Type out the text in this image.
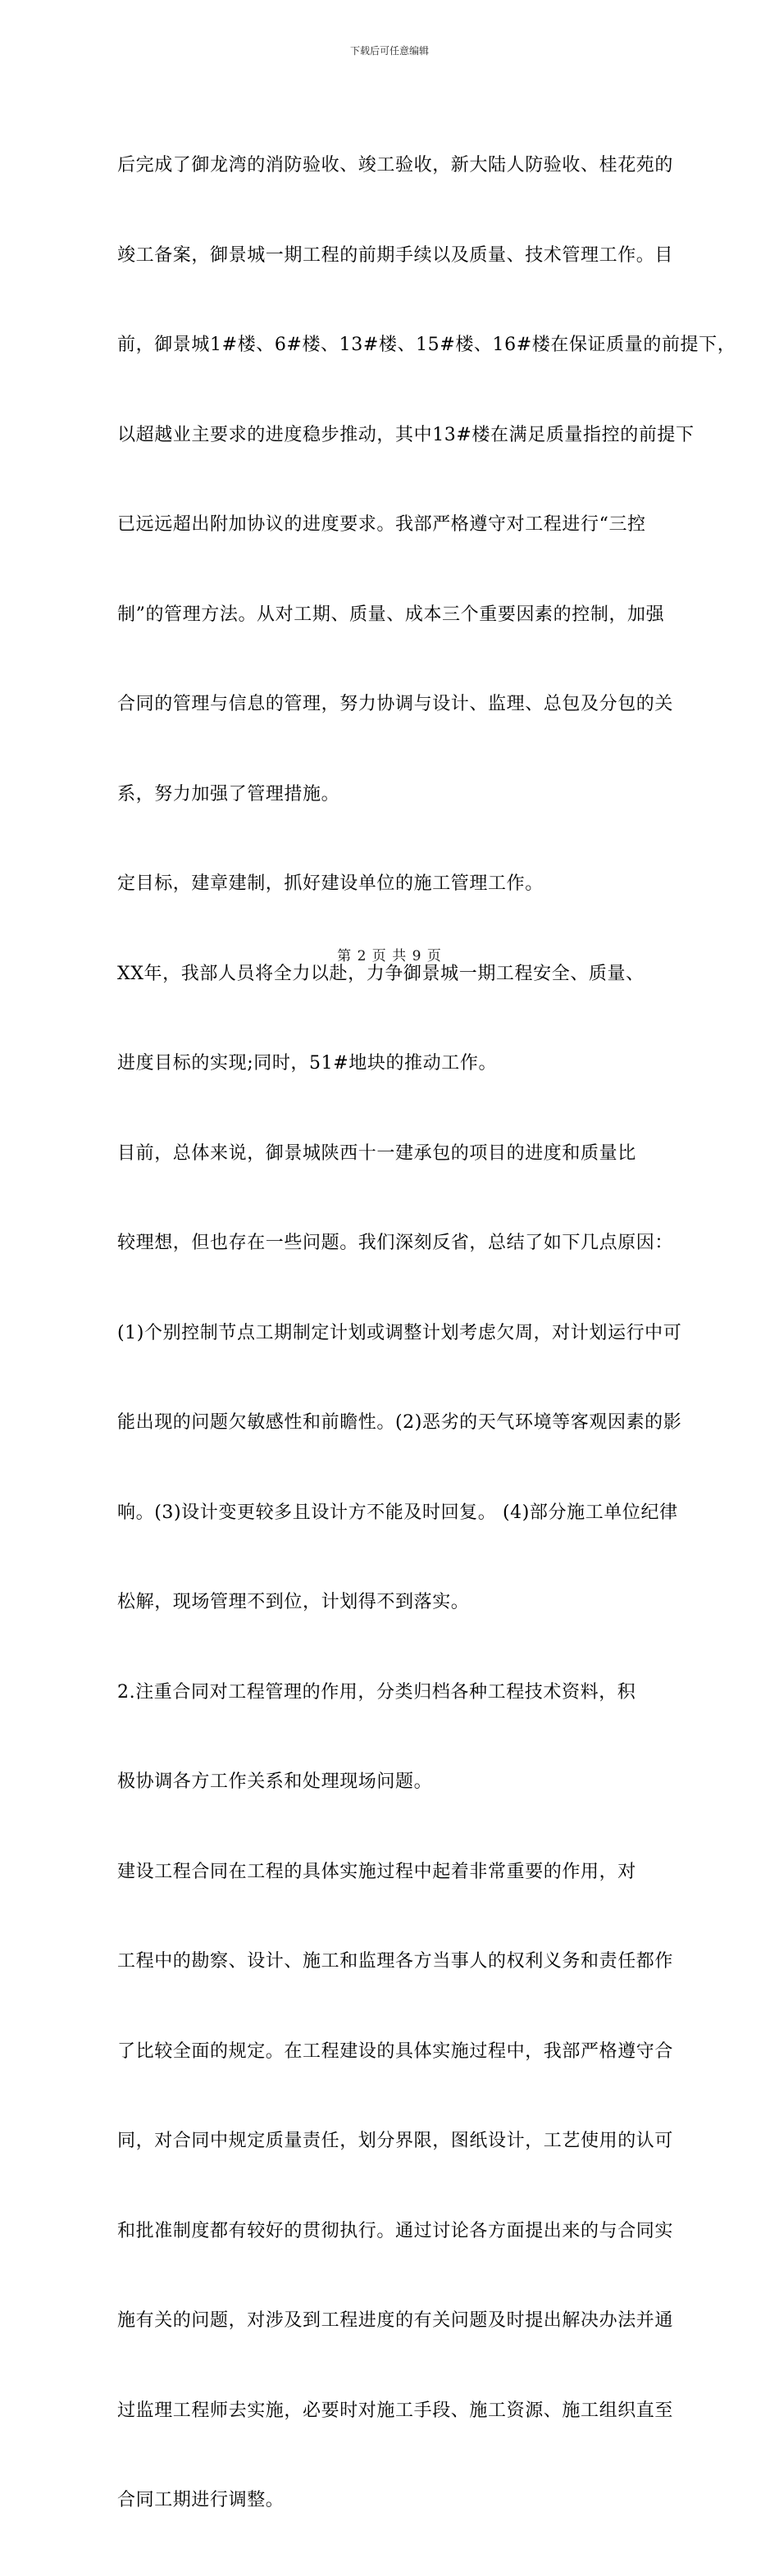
下载后可任意编辑

后完成了御龙湾的消防验收、竣工验收，新大陆人防验收、桂花苑的

竣工备案，御景城一期工程的前期手续以及质量、技术管理工作。目

前，御景城1#楼、6#楼、13#楼、15#楼、16#楼在保证质量的前提下，

以超越业主要求的进度稳步推动，其中13#楼在满足质量指控的前提下

已远远超出附加协议的进度要求。我部严格遵守对工程进行“三控

制”的管理方法。从对工期、质量、成本三个重要因素的控制，加强

合同的管理与信息的管理，努力协调与设计、监理、总包及分包的关

系，努力加强了管理措施。

定目标，建章建制，抓好建设单位的施工管理工作。

XX年，我部人员将全力以赴，力争御景城一期工程安全、质量、

进度目标的实现;同时，51#地块的推动工作。

目前，总体来说，御景城陕西十一建承包的项目的进度和质量比

较理想，但也存在一些问题。我们深刻反省，总结了如下几点原因：

(1)个别控制节点工期制定计划或调整计划考虑欠周，对计划运行中可

能出现的问题欠敏感性和前瞻性。(2)恶劣的天气环境等客观因素的影

响。(3)设计变更较多且设计方不能及时回复。 (4)部分施工单位纪律

松解，现场管理不到位，计划得不到落实。

2.注重合同对工程管理的作用，分类归档各种工程技术资料，积

极协调各方工作关系和处理现场问题。

建设工程合同在工程的具体实施过程中起着非常重要的作用，对

工程中的勘察、设计、施工和监理各方当事人的权利义务和责任都作

了比较全面的规定。在工程建设的具体实施过程中，我部严格遵守合

同，对合同中规定质量责任，划分界限，图纸设计，工艺使用的认可

和批准制度都有较好的贯彻执行。通过讨论各方面提出来的与合同实

施有关的问题，对涉及到工程进度的有关问题及时提出解决办法并通

过监理工程师去实施，必要时对施工手段、施工资源、施工组织直至

合同工期进行调整。

第 2 页 共 9 页
